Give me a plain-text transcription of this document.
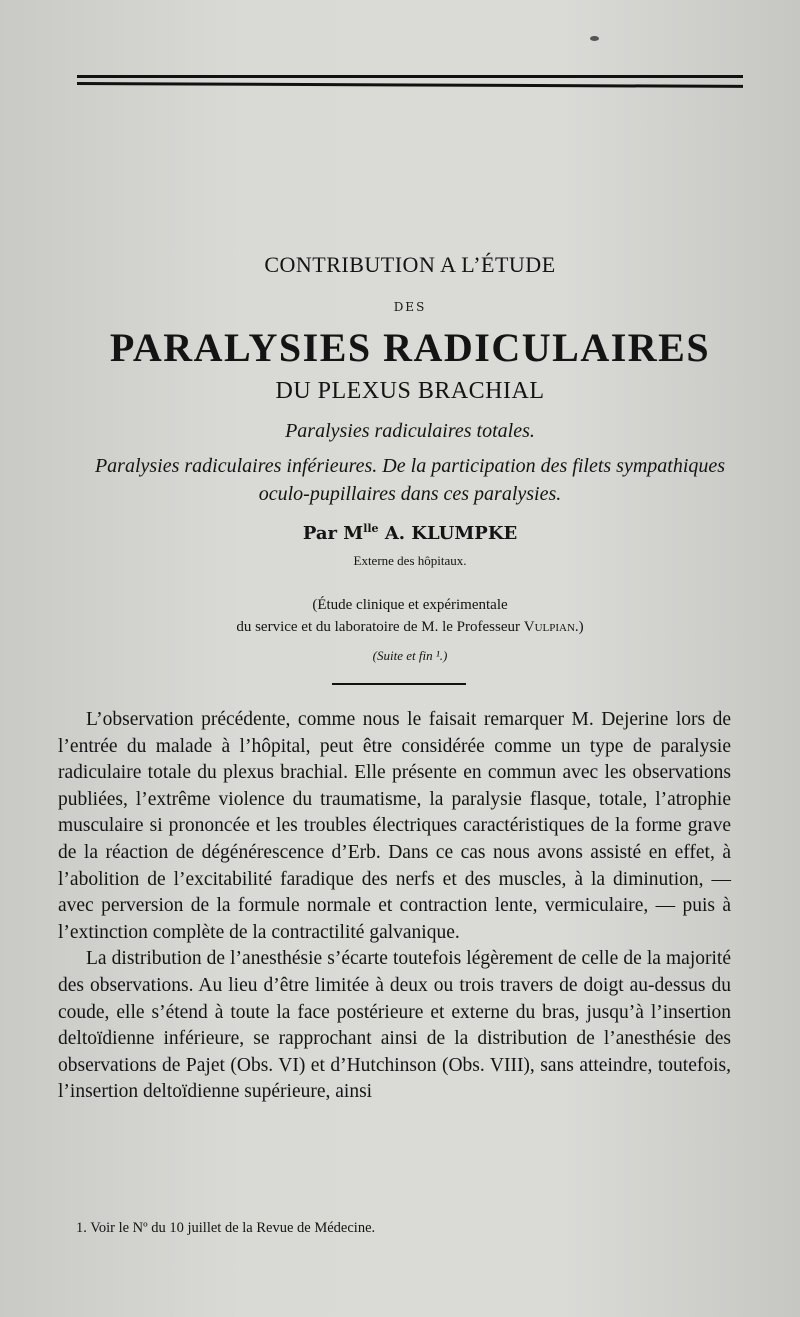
CONTRIBUTION A L’ÉTUDE
DES
PARALYSIES RADICULAIRES
DU PLEXUS BRACHIAL
Paralysies radiculaires totales.
Paralysies radiculaires inférieures. De la participation des filets sympathiques oculo-pupillaires dans ces paralysies.
Par $M^{lle}$ A. KLUMPKE
Externe des hôpitaux.
(Étude clinique et expérimentale
du service et du laboratoire de M. le Professeur Vulpian.)
(Suite et fin ¹.)

L’observation précédente, comme nous le faisait remarquer M. Dejerine lors de l’entrée du malade à l’hôpital, peut être considérée comme un type de paralysie radiculaire totale du plexus brachial. Elle présente en commun avec les observations publiées, l’extrême violence du traumatisme, la paralysie flasque, totale, l’atrophie musculaire si prononcée et les troubles électriques caractéristiques de la forme grave de la réaction de dégénérescence d’Erb. Dans ce cas nous avons assisté en effet, à l’abolition de l’excitabilité faradique des nerfs et des muscles, à la diminution, — avec perversion de la formule normale et contraction lente, vermiculaire, — puis à l’extinction complète de la contractilité galvanique.

La distribution de l’anesthésie s’écarte toutefois légèrement de celle de la majorité des observations. Au lieu d’être limitée à deux ou trois travers de doigt au-dessus du coude, elle s’étend à toute la face postérieure et externe du bras, jusqu’à l’insertion deltoïdienne inférieure, se rapprochant ainsi de la distribution de l’anesthésie des observations de Pajet (Obs. VI) et d’Hutchinson (Obs. VIII), sans atteindre, toutefois, l’insertion deltoïdienne supérieure, ainsi

1. Voir le Nº du 10 juillet de la Revue de Médecine.
